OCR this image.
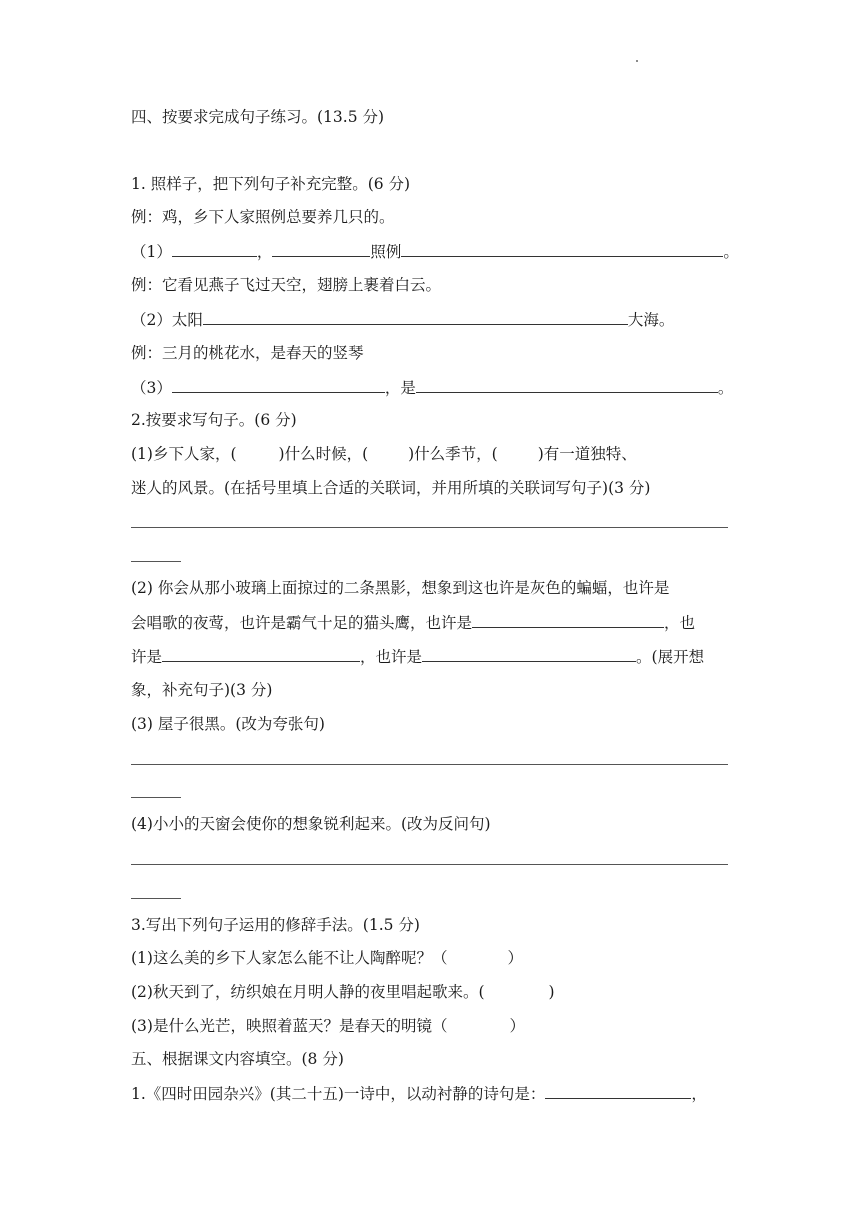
四、按要求完成句子练习。(13.5 分)
1. 照样子，把下列句子补充完整。(6 分)
例：鸡，乡下人家照例总要养几只的。
（1）	，	照例	。
例：它看见燕子飞过天空，翅膀上裹着白云。
（2）太阳	大海。
例：三月的桃花水，是春天的竖琴
（3）	，是	。
2.按要求写句子。(6 分)
(1)乡下人家，(	)什么时候，(	)什么季节，(	)有一道独特、
迷人的风景。(在括号里填上合适的关联词，并用所填的关联词写句子)(3 分)
(2) 你会从那小玻璃上面掠过的二条黑影，想象到这也许是灰色的蝙蝠，也许是
会唱歌的夜莺，也许是霸气十足的猫头鹰，也许是	，也
许是	，也许是	。(展开想
象，补充句子)(3 分)
(3) 屋子很黑。(改为夸张句)
(4)小小的天窗会使你的想象锐利起来。(改为反问句)
3.写出下列句子运用的修辞手法。(1.5 分)
(1)这么美的乡下人家怎么能不让人陶醉呢？（	）
(2)秋天到了，纺织娘在月明人静的夜里唱起歌来。(	)
(3)是什么光芒，映照着蓝天？是春天的明镜（	）
五、根据课文内容填空。(8 分)
1.《四时田园杂兴》(其二十五)一诗中，以动衬静的诗句是：	，
